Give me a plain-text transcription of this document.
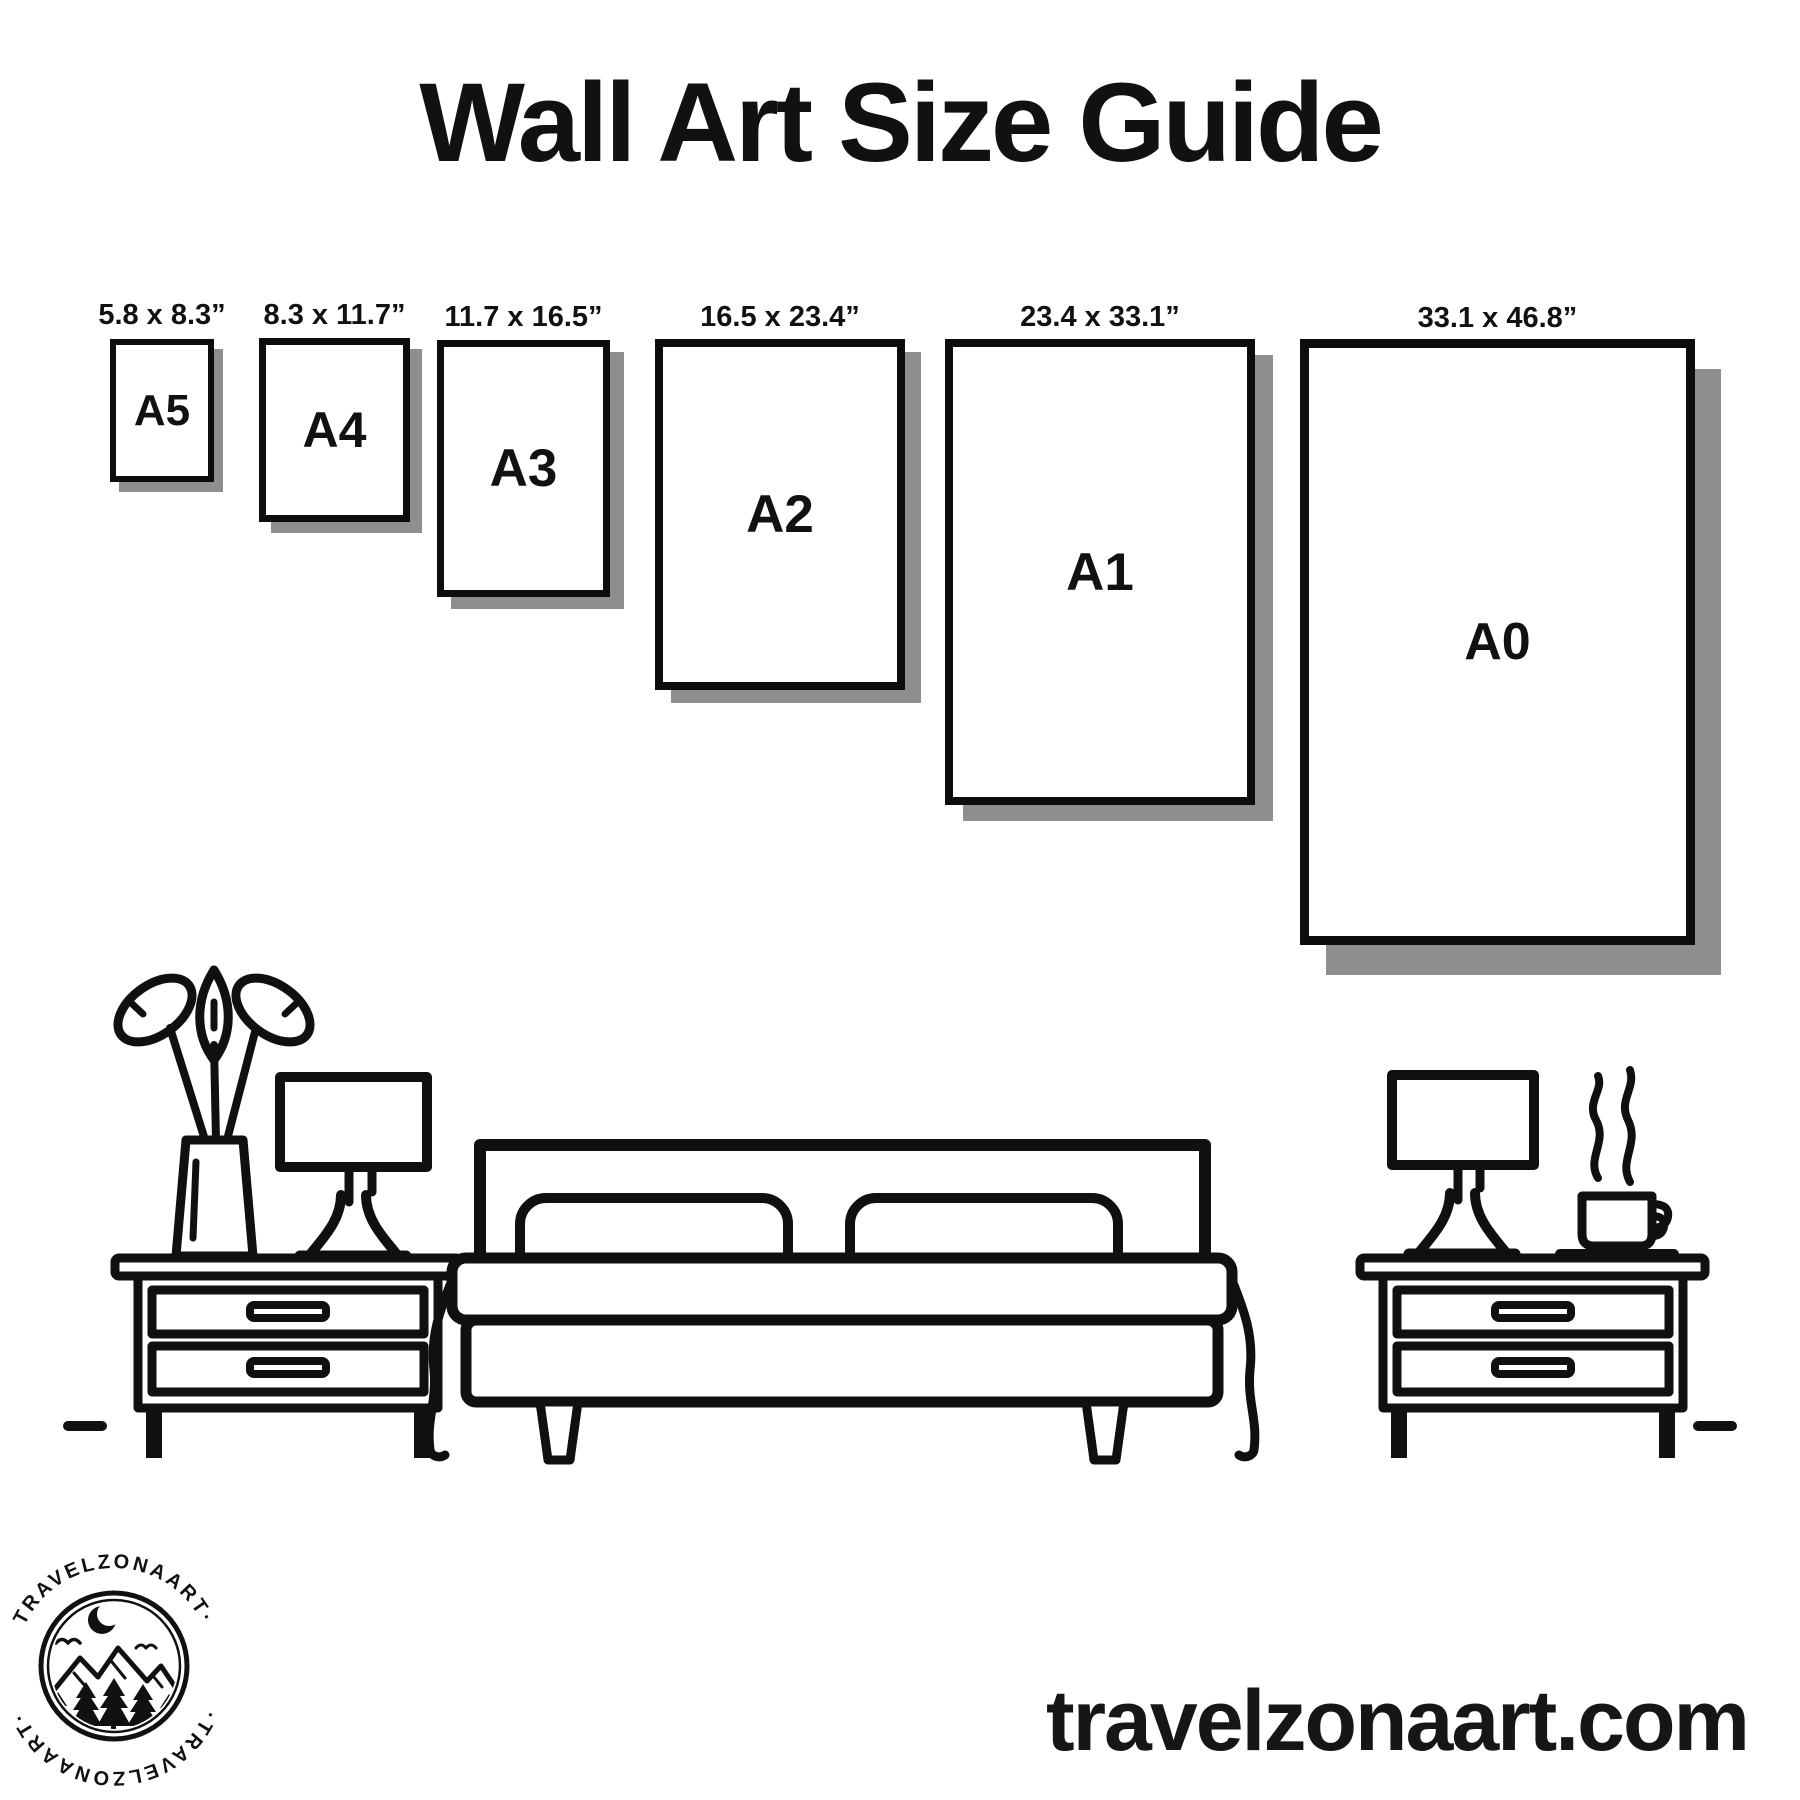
Wall Art Size Guide
5.8 x 8.3”
A5
8.3 x 11.7”
A4
11.7 x 16.5”
A3
16.5 x 23.4”
A2
23.4 x 33.1”
A1
33.1 x 46.8”
A0
TRAVELZONAART·
·TRAVELZONAART·	travelzonaart.com
